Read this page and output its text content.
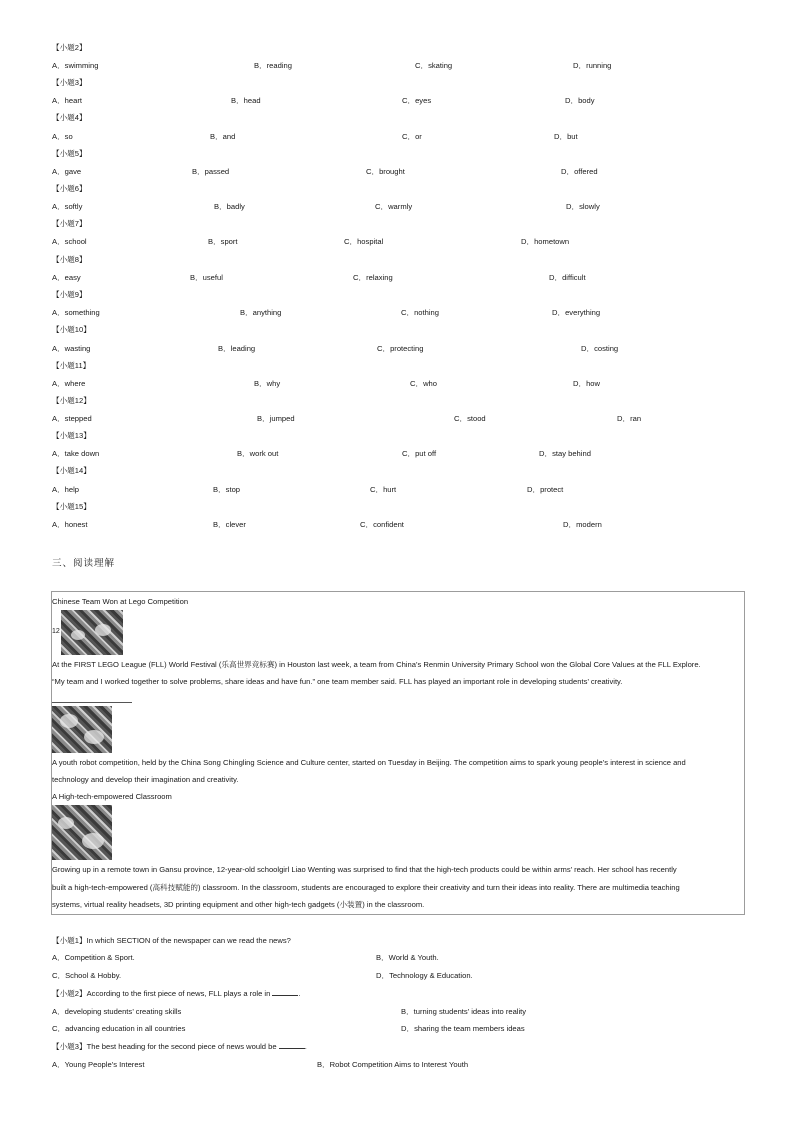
【小题2】
A．swimming	B．reading	C．skating	D．running
【小题3】
A．heart	B．head	C．eyes	D．body
【小题4】
A．so	B．and	C．or	D．but
【小题5】
A．gave	B．passed	C．brought	D．offered
【小题6】
A．softly	B．badly	C．warmly	D．slowly
【小题7】
A．school	B．sport	C．hospital	D．hometown
【小题8】
A．easy	B．useful	C．relaxing	D．difficult
【小题9】
A．something	B．anything	C．nothing	D．everything
【小题10】
A．wasting	B．leading	C．protecting	D．costing
【小题11】
A．where	B．why	C．who	D．how
【小题12】
A．stepped	B．jumped	C．stood	D．ran
【小题13】
A．take down	B．work out	C．put off	D．stay behind
【小题14】
A．help	B．stop	C．hurt	D．protect
【小题15】
A．honest	B．clever	C．confident	D．modern
三、阅读理解
Chinese Team Won at Lego Competition
12
At the FIRST LEGO League (FLL) World Festival (乐高世界竞标赛) in Houston last week, a team from China’s Renmin University Primary School won the Global Core Values at the FLL Explore.
“My team and I worked together to solve problems, share ideas and have fun.” one team member said. FLL has played an important role in developing students’ creativity.
A youth robot competition, held by the China Song Chingling Science and Culture center, started on Tuesday in Beijing. The competition aims to spark young people’s interest in science and
technology and develop their imagination and creativity.
A High-tech-empowered Classroom
Growing up in a remote town in Gansu province, 12-year-old schoolgirl Liao Wenting was surprised to find that the high-tech products could be within arms’ reach. Her school has recently
built a high-tech-empowered (高科技赋能的) classroom. In the classroom, students are encouraged to explore their creativity and turn their ideas into reality. There are multimedia teaching
systems, virtual reality headsets, 3D printing equipment and other high-tech gadgets (小装置) in the classroom.
【小题1】In which SECTION of the newspaper can we read the news?
A．Competition & Sport.	B．World & Youth.
C．School & Hobby.	D．Technology & Education.
【小题2】According to the first piece of news, FLL plays a role in	.
A．developing students’ creating skills	B．turning students’ ideas into reality
C．advancing education in all countries	D．sharing the team members ideas
【小题3】The best heading for the second piece of news would be	.
A．Young People’s Interest	B．Robot Competition Aims to Interest Youth
